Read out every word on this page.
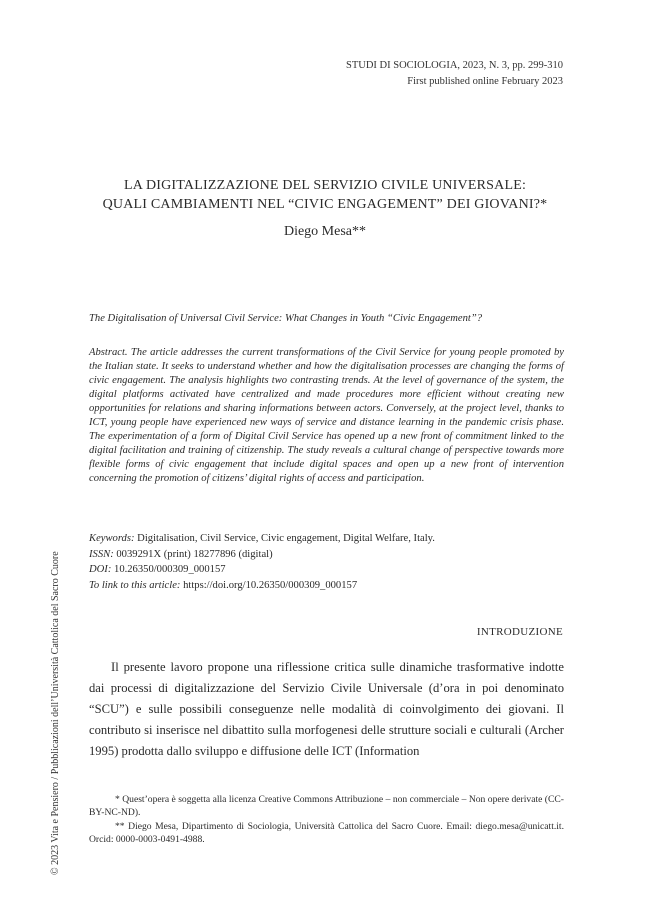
STUDI DI SOCIOLOGIA, 2023, N. 3, pp. 299-310
First published online February 2023
LA DIGITALIZZAZIONE DEL SERVIZIO CIVILE UNIVERSALE:
QUALI CAMBIAMENTI NEL “CIVIC ENGAGEMENT” DEI GIOVANI?*
Diego Mesa**
The Digitalisation of Universal Civil Service: What Changes in Youth “Civic Engagement”?
Abstract. The article addresses the current transformations of the Civil Service for young people promoted by the Italian state. It seeks to understand whether and how the digitalisation processes are changing the forms of civic engagement. The analysis highlights two contrasting trends. At the level of governance of the system, the digital platforms activated have centralized and made procedures more efficient without creating new opportunities for relations and sharing informations between actors. Conversely, at the project level, thanks to ICT, young people have experienced new ways of service and distance learning in the pandemic crisis phase. The experimentation of a form of Digital Civil Service has opened up a new front of commitment linked to the digital facilitation and training of citizenship. The study reveals a cultural change of perspective towards more flexible forms of civic engagement that include digital spaces and open up a new front of intervention concerning the promotion of citizens’ digital rights of access and participation.
Keywords: Digitalisation, Civil Service, Civic engagement, Digital Welfare, Italy.
ISSN: 0039291X (print) 18277896 (digital)
DOI: 10.26350/000309_000157
To link to this article: https://doi.org/10.26350/000309_000157
INTRODUZIONE
Il presente lavoro propone una riflessione critica sulle dinamiche trasformative indotte dai processi di digitalizzazione del Servizio Civile Universale (d’ora in poi denominato “SCU”) e sulle possibili conseguenze nelle modalità di coinvolgimento dei giovani. Il contributo si inserisce nel dibattito sulla morfogenesi delle strutture sociali e culturali (Archer 1995) prodotta dallo sviluppo e diffusione delle ICT (Information

* Quest’opera è soggetta alla licenza Creative Commons Attribuzione – non commerciale – Non opere derivate (CC-BY-NC-ND).

** Diego Mesa, Dipartimento di Sociologia, Università Cattolica del Sacro Cuore. Email: diego.mesa@unicatt.it. Orcid: 0000-0003-0491-4988.

© 2023 Vita e Pensiero / Pubblicazioni dell’Università Cattolica del Sacro Cuore
